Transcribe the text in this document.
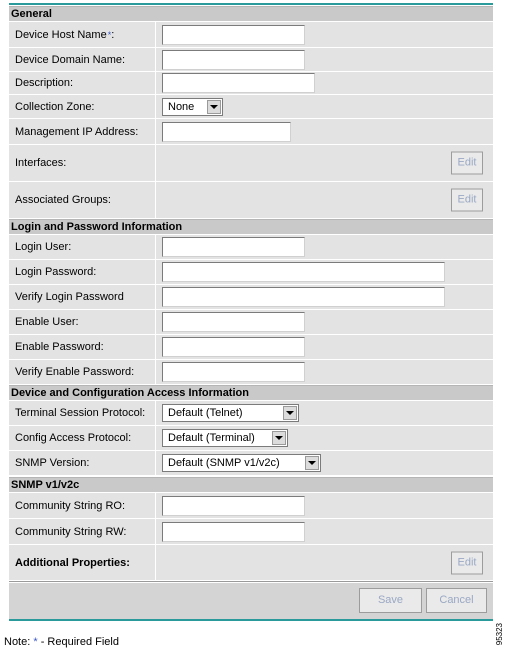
General
Device Host Name * :
Device Domain Name:
Description:
Collection Zone:	None
Management IP Address:
Interfaces:	Edit
Associated Groups:	Edit
Login and Password Information
Login User:
Login Password:
Verify Login Password
Enable User:
Enable Password:
Verify Enable Password:
Device and Configuration Access Information
Terminal Session Protocol:	Default (Telnet)
Config Access Protocol:	Default (Terminal)
SNMP Version:	Default (SNMP v1/v2c)
SNMP v1/v2c
Community String RO:
Community String RW:
Additional Properties:	Edit
Save	Cancel
Note: * - Required Field	95323
